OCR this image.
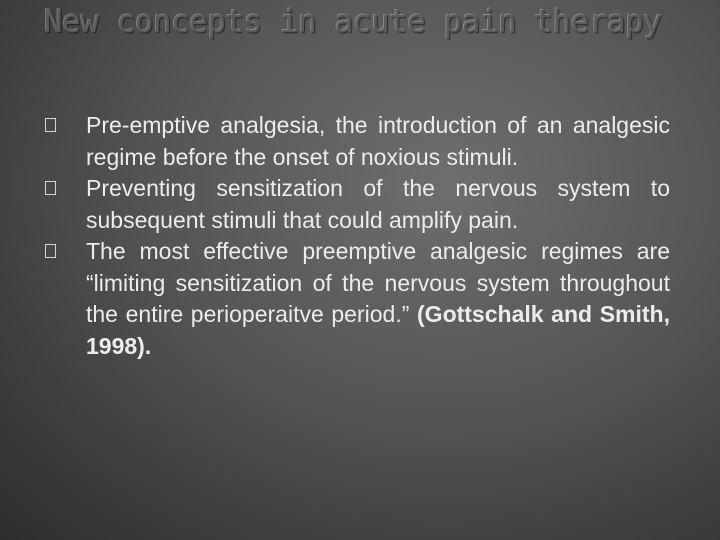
New concepts in acute pain therapy
Pre-emptive analgesia, the introduction of an analgesic regime before the onset of noxious stimuli.
Preventing sensitization of the nervous system to subsequent stimuli that could amplify pain.
The most effective preemptive analgesic regimes are “limiting sensitization of the nervous system throughout the entire perioperaitve period.” (Gottschalk and Smith, 1998).
